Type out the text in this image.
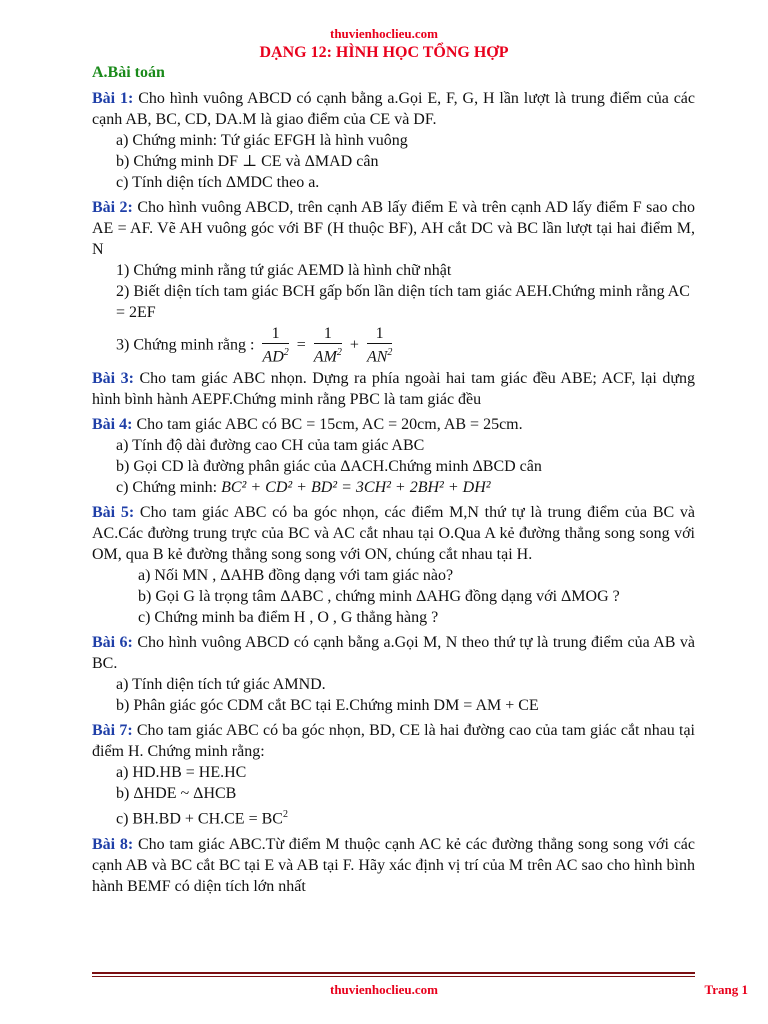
thuvienhoclieu.com
DẠNG 12: HÌNH HỌC TỔNG HỢP
A.Bài toán

Bài 1: Cho hình vuông ABCD có cạnh bằng a.Gọi E, F, G, H lần lượt là trung điểm của các cạnh AB, BC, CD, DA.M là giao điểm của CE và DF.

a) Chứng minh: Tứ giác EFGH là hình vuông
b) Chứng minh DF ⊥ CE và ΔMAD cân
c) Tính diện tích ΔMDC theo a.

Bài 2: Cho hình vuông ABCD, trên cạnh AB lấy điểm E và trên cạnh AD lấy điểm F sao cho AE = AF. Vẽ AH vuông góc với BF (H thuộc BF), AH cắt DC và BC lần lượt tại hai điểm M, N

1) Chứng minh rằng tứ giác AEMD là hình chữ nhật
2) Biết diện tích tam giác BCH gấp bốn lần diện tích tam giác AEH.Chứng minh rằng AC = 2EF
3) Chứng minh rằng : $\frac{1}{AD^2} = \frac{1}{AM^2} + \frac{1}{AN^2}$

Bài 3: Cho tam giác ABC nhọn. Dựng ra phía ngoài hai tam giác đều ABE; ACF, lại dựng hình bình hành AEPF.Chứng minh rằng PBC là tam giác đều

Bài 4: Cho tam giác ABC có BC = 15cm, AC = 20cm, AB = 25cm.

a) Tính độ dài đường cao CH của tam giác ABC
b) Gọi CD là đường phân giác của ΔACH.Chứng minh ΔBCD cân
c) Chứng minh: BC² + CD² + BD² = 3CH² + 2BH² + DH²

Bài 5: Cho tam giác ABC có ba góc nhọn, các điểm M,N thứ tự là trung điểm của BC và AC.Các đường trung trực của BC và AC cắt nhau tại O.Qua A kẻ đường thẳng song song với OM, qua B kẻ đường thẳng song song với ON, chúng cắt nhau tại H.

a) Nối MN , ΔAHB đồng dạng với tam giác nào?
b) Gọi G là trọng tâm ΔABC , chứng minh ΔAHG đồng dạng với ΔMOG ?
c) Chứng minh ba điểm H , O , G thẳng hàng ?

Bài 6: Cho hình vuông ABCD có cạnh bằng a.Gọi M, N theo thứ tự là trung điểm của AB và BC.

a) Tính diện tích tứ giác AMND.
b) Phân giác góc CDM cắt BC tại E.Chứng minh DM = AM + CE

Bài 7: Cho tam giác ABC có ba góc nhọn, BD, CE là hai đường cao của tam giác cắt nhau tại điểm H. Chứng minh rằng:

a) HD.HB = HE.HC
b) ΔHDE ~ ΔHCB
c) $BH.BD + CH.CE = BC^2$

Bài 8: Cho tam giác ABC.Từ điểm M thuộc cạnh AC kẻ các đường thẳng song song với các cạnh AB và BC cắt BC tại E và AB tại F. Hãy xác định vị trí của M trên AC sao cho hình bình hành BEMF có diện tích lớn nhất

thuvienhoclieu.com	Trang 1
